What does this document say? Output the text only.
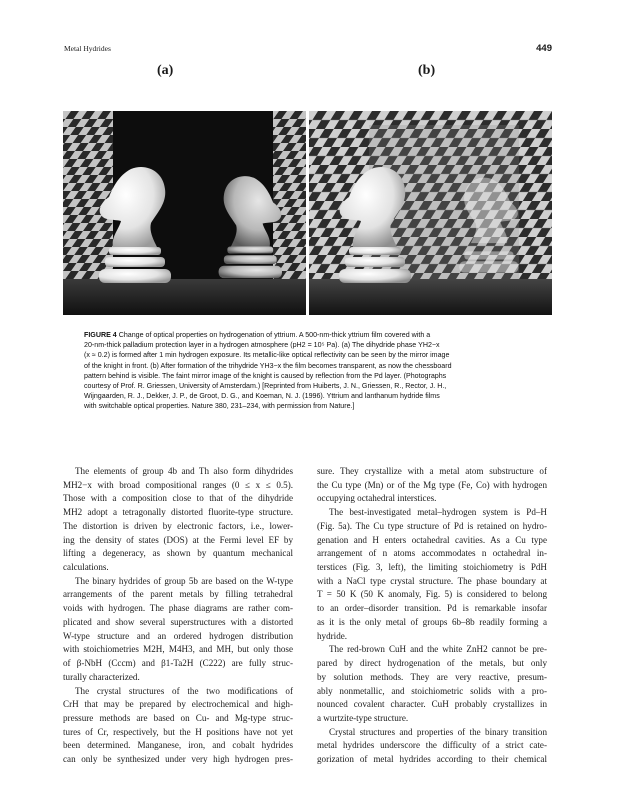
Metal Hydrides	449
(a)	(b)
FIGURE 4 Change of optical properties on hydrogenation of yttrium. A 500-nm-thick yttrium film covered with a
20-nm-thick palladium protection layer in a hydrogen atmosphere (pH2 = 10⁵ Pa). (a) The dihydride phase YH2−x
(x ≈ 0.2) is formed after 1 min hydrogen exposure. Its metallic-like optical reflectivity can be seen by the mirror image
of the knight in front. (b) After formation of the trihydride YH3−x the film becomes transparent, as now the chessboard
pattern behind is visible. The faint mirror image of the knight is caused by reflection from the Pd layer. (Photographs
courtesy of Prof. R. Griessen, University of Amsterdam.) [Reprinted from Huiberts, J. N., Griessen, R., Rector, J. H.,
Wijngaarden, R. J., Dekker, J. P., de Groot, D. G., and Koeman, N. J. (1996). Yttrium and lanthanum hydride films
with switchable optical properties. Nature 380, 231–234, with permission from Nature.]
The elements of group 4b and Th also form dihydrides
MH2−x with broad compositional ranges (0 ≤ x ≤ 0.5).
Those with a composition close to that of the dihydride
MH2 adopt a tetragonally distorted fluorite-type structure.
The distortion is driven by electronic factors, i.e., lower-
ing the density of states (DOS) at the Fermi level EF by
lifting a degeneracy, as shown by quantum mechanical
calculations.
The binary hydrides of group 5b are based on the W-type
arrangements of the parent metals by filling tetrahedral
voids with hydrogen. The phase diagrams are rather com-
plicated and show several superstructures with a distorted
W-type structure and an ordered hydrogen distribution
with stoichiometries M2H, M4H3, and MH, but only those
of β-NbH (Cccm) and β1-Ta2H (C222) are fully struc-
turally characterized.
The crystal structures of the two modifications of
CrH that may be prepared by electrochemical and high-
pressure methods are based on Cu- and Mg-type struc-
tures of Cr, respectively, but the H positions have not yet
been determined. Manganese, iron, and cobalt hydrides
can only be synthesized under very high hydrogen pres-
sure. They crystallize with a metal atom substructure of
the Cu type (Mn) or of the Mg type (Fe, Co) with hydrogen
occupying octahedral interstices.
The best-investigated metal–hydrogen system is Pd–H
(Fig. 5a). The Cu type structure of Pd is retained on hydro-
genation and H enters octahedral cavities. As a Cu type
arrangement of n atoms accommodates n octahedral in-
terstices (Fig. 3, left), the limiting stoichiometry is PdH
with a NaCl type crystal structure. The phase boundary at
T = 50 K (50 K anomaly, Fig. 5) is considered to belong
to an order–disorder transition. Pd is remarkable insofar
as it is the only metal of groups 6b–8b readily forming a
hydride.
The red-brown CuH and the white ZnH2 cannot be pre-
pared by direct hydrogenation of the metals, but only
by solution methods. They are very reactive, presum-
ably nonmetallic, and stoichiometric solids with a pro-
nounced covalent character. CuH probably crystallizes in
a wurtzite-type structure.
Crystal structures and properties of the binary transition
metal hydrides underscore the difficulty of a strict cate-
gorization of metal hydrides according to their chemical
